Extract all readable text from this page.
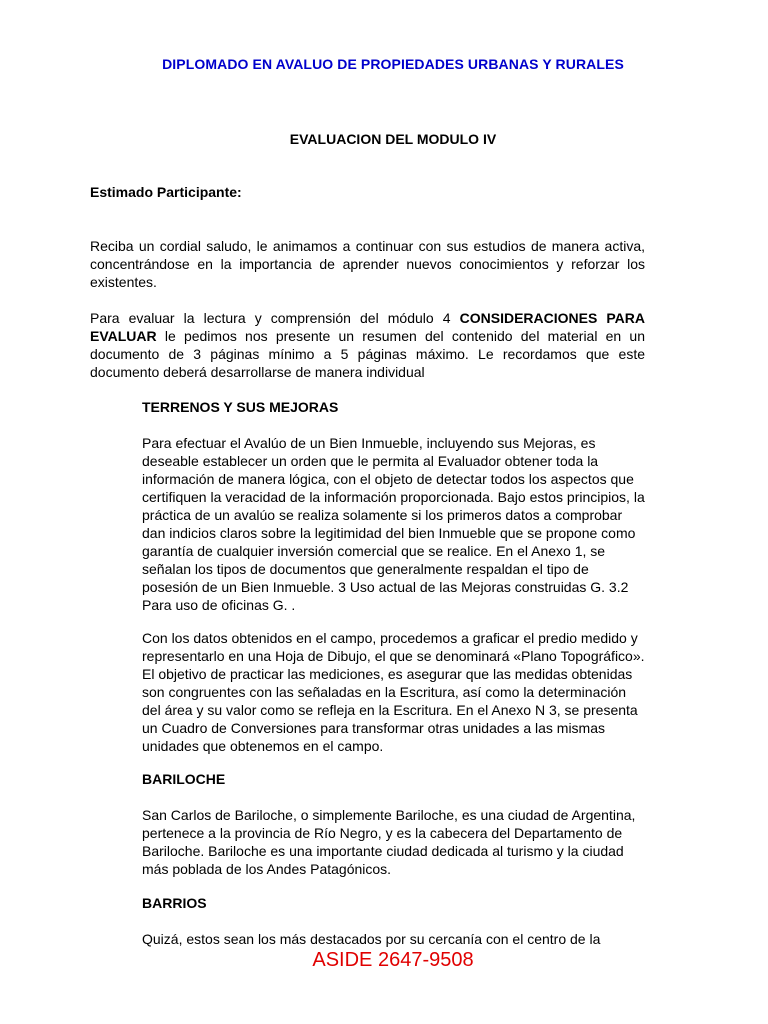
DIPLOMADO EN AVALUO DE PROPIEDADES URBANAS Y RURALES
EVALUACION DEL MODULO IV
Estimado Participante:

Reciba un cordial saludo, le animamos a continuar con sus estudios de manera activa, concentrándose en la importancia de aprender nuevos conocimientos y reforzar los existentes.

Para evaluar la lectura y comprensión del módulo 4 CONSIDERACIONES PARA EVALUAR le pedimos nos presente un resumen del contenido del material en un documento de 3 páginas mínimo a 5 páginas máximo. Le recordamos que este documento deberá desarrollarse de manera individual

TERRENOS Y SUS MEJORAS

Para efectuar el Avalúo de un Bien Inmueble, incluyendo sus Mejoras, es deseable establecer un orden que le permita al Evaluador obtener toda la información de manera lógica, con el objeto de detectar todos los aspectos que certifiquen la veracidad de la información proporcionada. Bajo estos principios, la práctica de un avalúo se realiza solamente si los primeros datos a comprobar dan indicios claros sobre la legitimidad del bien Inmueble que se propone como garantía de cualquier inversión comercial que se realice. En el Anexo 1, se señalan los tipos de documentos que generalmente respaldan el tipo de posesión de un Bien Inmueble. 3 Uso actual de las Mejoras construidas G. 3.2 Para uso de oficinas G. .

Con los datos obtenidos en el campo, procedemos a graficar el predio medido y representarlo en una Hoja de Dibujo, el que se denominará «Plano Topográfico». El objetivo de practicar las mediciones, es asegurar que las medidas obtenidas son congruentes con las señaladas en la Escritura, así como la determinación del área y su valor como se refleja en la Escritura. En el Anexo N 3, se presenta un Cuadro de Conversiones para transformar otras unidades a las mismas unidades que obtenemos en el campo.

BARILOCHE

San Carlos de Bariloche, o simplemente Bariloche, es una ciudad de Argentina, pertenece a la provincia de Río Negro, y es la cabecera del Departamento de Bariloche. Bariloche es una importante ciudad dedicada al turismo y la ciudad más poblada de los Andes Patagónicos.

BARRIOS

Quizá, estos sean los más destacados por su cercanía con el centro de la

ASIDE 2647-9508
